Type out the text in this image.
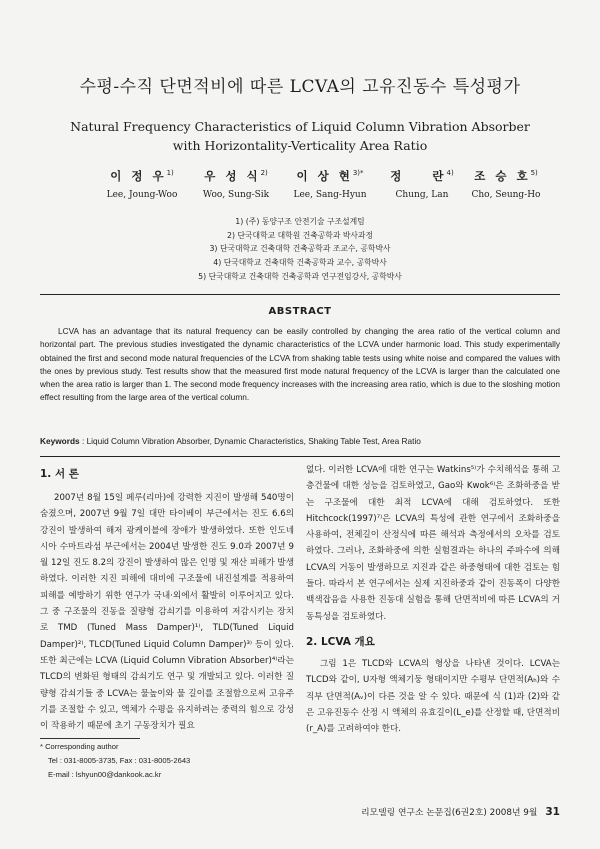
수평-수직 단면적비에 따른 LCVA의 고유진동수 특성평가
Natural Frequency Characteristics of Liquid Column Vibration Absorber
with Horizontality-Verticality Area Ratio
이 정 우$^{1)}$
Lee, Joung-Woo
우 성 식$^{2)}$
Woo, Sung-Sik
이 상 현$^{3)*}$
Lee, Sang-Hyun
정    란$^{4)}$
Chung, Lan
조 승 호$^{5)}$
Cho, Seung-Ho
1) (주) 동양구조 안전기술 구조설계팀
2) 단국대학교 대학원 건축공학과 박사과정
3) 단국대학교 건축대학 건축공학과 조교수, 공학박사
4) 단국대학교 건축대학 건축공학과 교수, 공학박사
5) 단국대학교 건축대학 건축공학과 연구전임강사, 공학박사
ABSTRACT
LCVA has an advantage that its natural frequency can be easily controlled by changing the area ratio of the vertical column and horizontal part. The previous studies investigated the dynamic characteristics of the LCVA under harmonic load. This study experimentally obtained the first and second mode natural frequencies of the LCVA from shaking table tests using white noise and compared the values with the ones by previous study. Test results show that the measured first mode natural frequency of the LCVA is larger than the calculated one when the area ratio is larger than 1. The second mode frequency increases with the increasing area ratio, which is due to the sloshing motion effect resulting from the large area of the vertical column.
Keywords : Liquid Column Vibration Absorber, Dynamic Characteristics, Shaking Table Test, Area Ratio
1. 서 론
2007년 8월 15일 페루(리마)에 강력한 지진이 발생해 540명이 숨졌으며, 2007년 9월 7일 대만 타이베이 부근에서는 진도 6.6의 강진이 발생하여 해저 광케이블에 장애가 발생하였다. 또한 인도네시아 수마트라섬 부근에서는 2004년 발생한 진도 9.0과 2007년 9월 12일 진도 8.2의 강진이 발생하여 많은 인명 및 재산 피해가 발생하였다. 이러한 지진 피해에 대비에 구조물에 내진설계를 적용하여 피해를 예방하기 위한 연구가 국내·외에서 활발히 이루어지고 있다. 그 중 구조물의 진동을 질량형 감쇠기를 이용하여 저감시키는 장치로 TMD (Tuned Mass Damper)¹⁾, TLD(Tuned Liquid Damper)²⁾, TLCD(Tuned Liquid Column Damper)³⁾ 등이 있다. 또한 최근에는 LCVA (Liquid Column Vibration Absorber)⁴⁾라는 TLCD의 변화된 형태의 감쇠기도 연구 및 개발되고 있다. 이러한 질량형 감쇠기들 중 LCVA는 물높이와 물 길이를 조절함으로써 고유주기를 조절할 수 있고, 액체가 수평을 유지하려는 중력의 힘으로 강성이 작용하기 때문에 초기 구동장치가 필요
* Corresponding author
Tel : 031-8005-3735, Fax : 031-8005-2643
E-mail : lshyun00@dankook.ac.kr
없다. 이러한 LCVA에 대한 연구는 Watkins⁵⁾가 수치해석을 통해 고층건물에 대한 성능을 검토하였고, Gao와 Kwok⁶⁾은 조화하중을 받는 구조물에 대한 최적 LCVA에 대해 검토하였다. 또한 Hitchcock(1997)⁷⁾은 LCVA의 특성에 관한 연구에서 조화하중을 사용하여, 전체길이 산정식에 따른 해석과 측정에서의 오차를 검토하였다. 그러나, 조화하중에 의한 실험결과는 하나의 주파수에 의해 LCVA의 거동이 발생하므로 지진과 같은 하중형태에 대한 검토는 힘들다. 따라서 본 연구에서는 실제 지진하중과 같이 진동폭이 다양한 백색잡음을 사용한 진동대 실험을 통해 단면적비에 따른 LCVA의 거동특성을 검토하였다.
2. LCVA 개요
그림 1은 TLCD와 LCVA의 형상을 나타낸 것이다. LCVA는 TLCD와 같이, U자형 액체기둥 형태이지만 수평부 단면적(Aₕ)와 수직부 단면적(Aᵥ)이 다른 것을 알 수 있다. 때문에 식 (1)과 (2)와 같은 고유진동수 산정 시 액체의 유효길이(L_e)를 산정할 때, 단면적비(r_A)를 고려하여야 한다.
리모델링 연구소 논문집(6권2호) 2008년 9월 31
